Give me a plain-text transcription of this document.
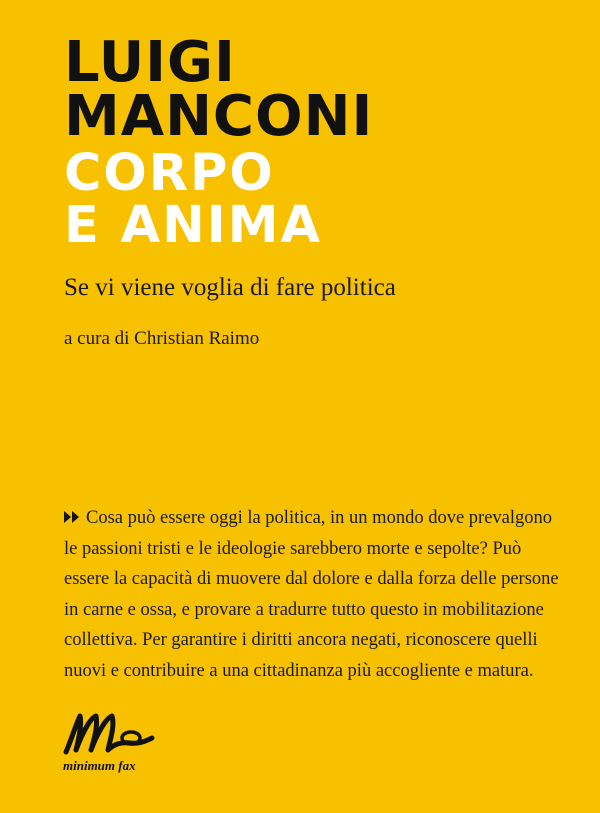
LUIGI
MANCONI
CORPO
E ANIMA
Se vi viene voglia di fare politica
a cura di Christian Raimo
Cosa può essere oggi la politica, in un mondo dove prevalgono
le passioni tristi e le ideologie sarebbero morte e sepolte? Può
essere la capacità di muovere dal dolore e dalla forza delle persone
in carne e ossa, e provare a tradurre tutto questo in mobilitazione
collettiva. Per garantire i diritti ancora negati, riconoscere quelli
nuovi e contribuire a una cittadinanza più accogliente e matura.
minimum fax
